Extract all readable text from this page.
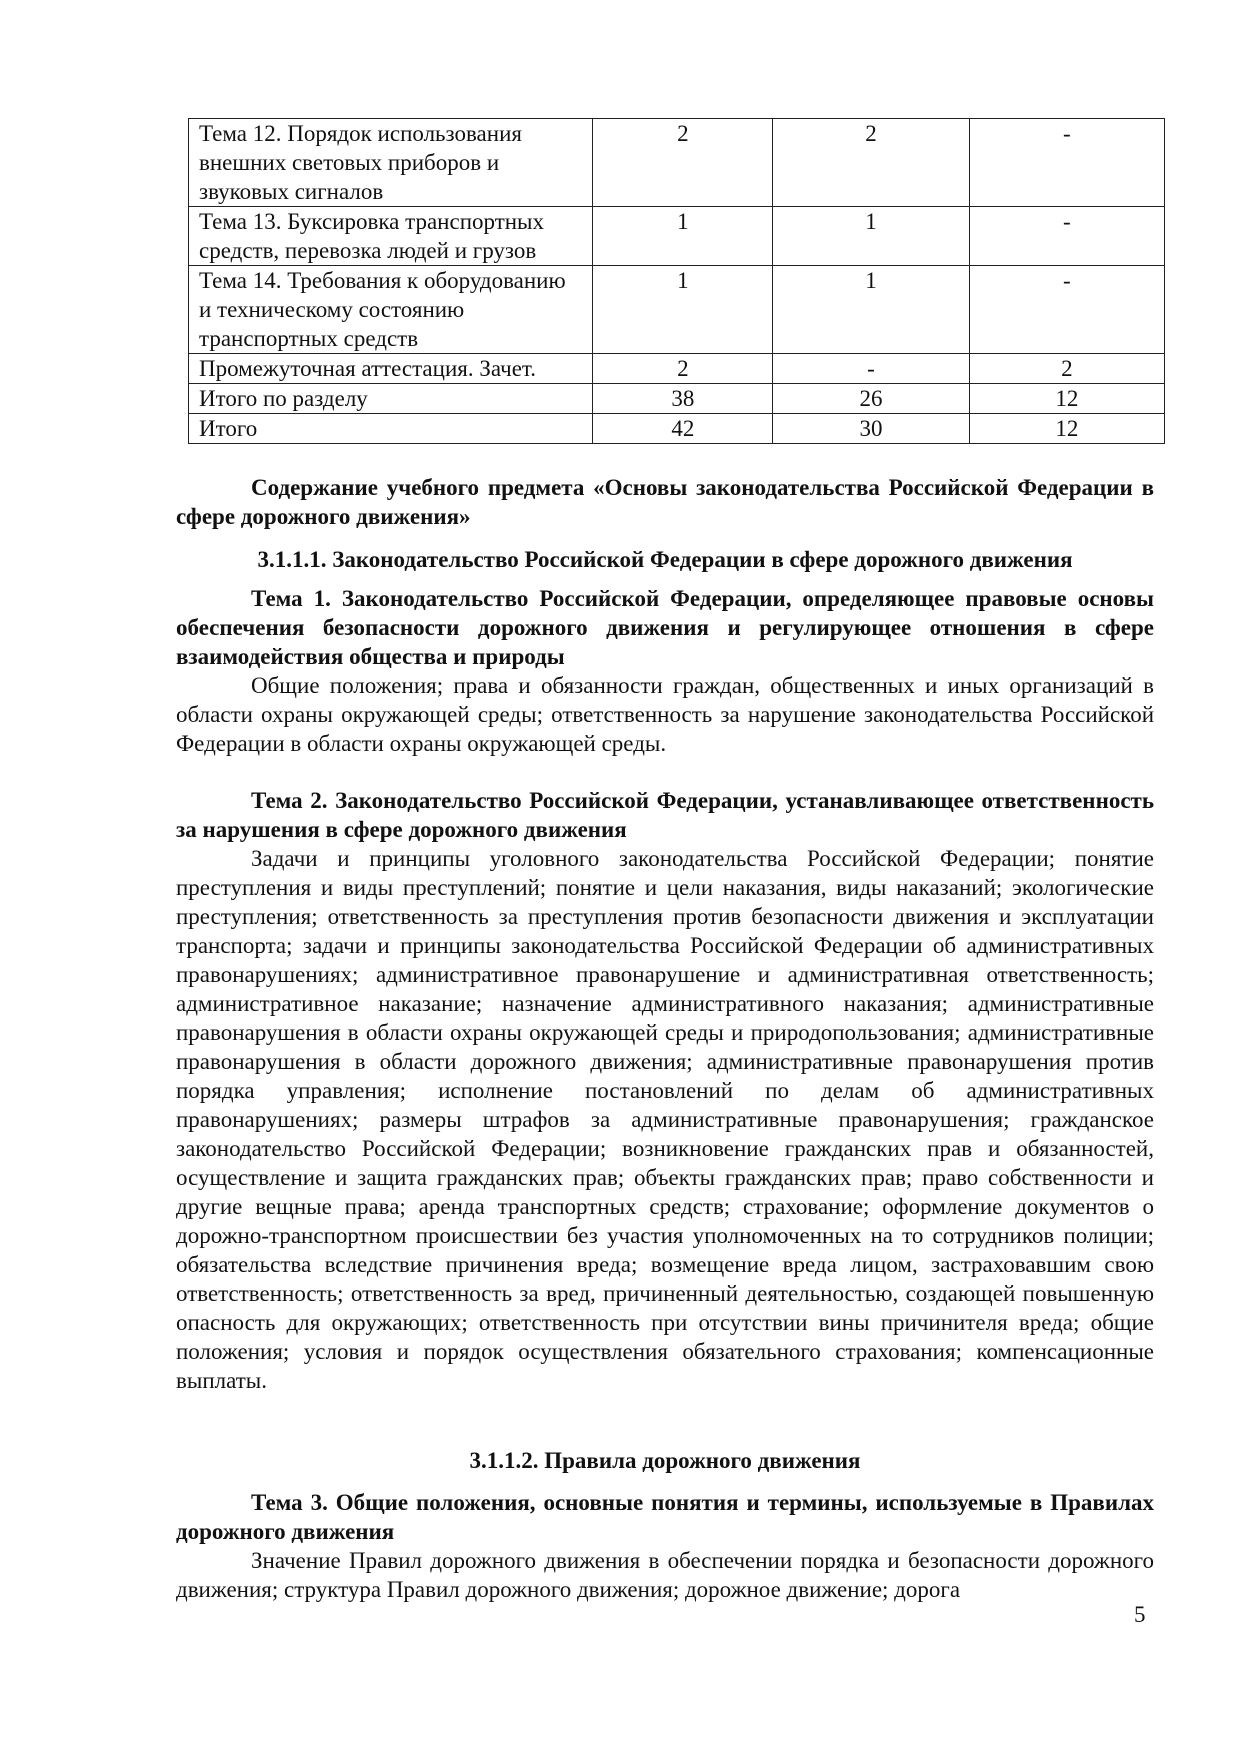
Тема 12. Порядок использования внешних световых приборов и звуковых сигналов	2	2	-
Тема 13. Буксировка транспортных средств, перевозка людей и грузов	1	1	-
Тема 14. Требования к оборудованию и техническому состоянию транспортных средств	1	1	-
Промежуточная аттестация. Зачет.	2	-	2
Итого по разделу	38	26	12
Итого	42	30	12

Содержание учебного предмета «Основы законодательства Российской Федерации в сфере дорожного движения»

3.1.1.1. Законодательство Российской Федерации в сфере дорожного движения

Тема 1. Законодательство Российской Федерации, определяющее правовые основы обеспечения безопасности дорожного движения и регулирующее отношения в сфере взаимодействия общества и природы

Общие положения; права и обязанности граждан, общественных и иных организаций в области охраны окружающей среды; ответственность за нарушение законодательства Российской Федерации в области охраны окружающей среды.

Тема 2. Законодательство Российской Федерации, устанавливающее ответственность за нарушения в сфере дорожного движения

Задачи и принципы уголовного законодательства Российской Федерации; понятие преступления и виды преступлений; понятие и цели наказания, виды наказаний; экологические преступления; ответственность за преступления против безопасности движения и эксплуатации транспорта; задачи и принципы законодательства Российской Федерации об административных правонарушениях; административное правонарушение и административная ответственность; административное наказание; назначение административного наказания; административные правонарушения в области охраны окружающей среды и природопользования; административные правонарушения в области дорожного движения; административные правонарушения против порядка управления; исполнение постановлений по делам об административных правонарушениях; размеры штрафов за административные правонарушения; гражданское законодательство Российской Федерации; возникновение гражданских прав и обязанностей, осуществление и защита гражданских прав; объекты гражданских прав; право собственности и другие вещные права; аренда транспортных средств; страхование; оформление документов о дорожно-транспортном происшествии без участия уполномоченных на то сотрудников полиции; обязательства вследствие причинения вреда; возмещение вреда лицом, застраховавшим свою ответственность; ответственность за вред, причиненный деятельностью, создающей повышенную опасность для окружающих; ответственность при отсутствии вины причинителя вреда; общие положения; условия и порядок осуществления обязательного страхования; компенсационные выплаты.

3.1.1.2. Правила дорожного движения

Тема 3. Общие положения, основные понятия и термины, используемые в Правилах дорожного движения

Значение Правил дорожного движения в обеспечении порядка и безопасности дорожного движения; структура Правил дорожного движения; дорожное движение; дорога

5
